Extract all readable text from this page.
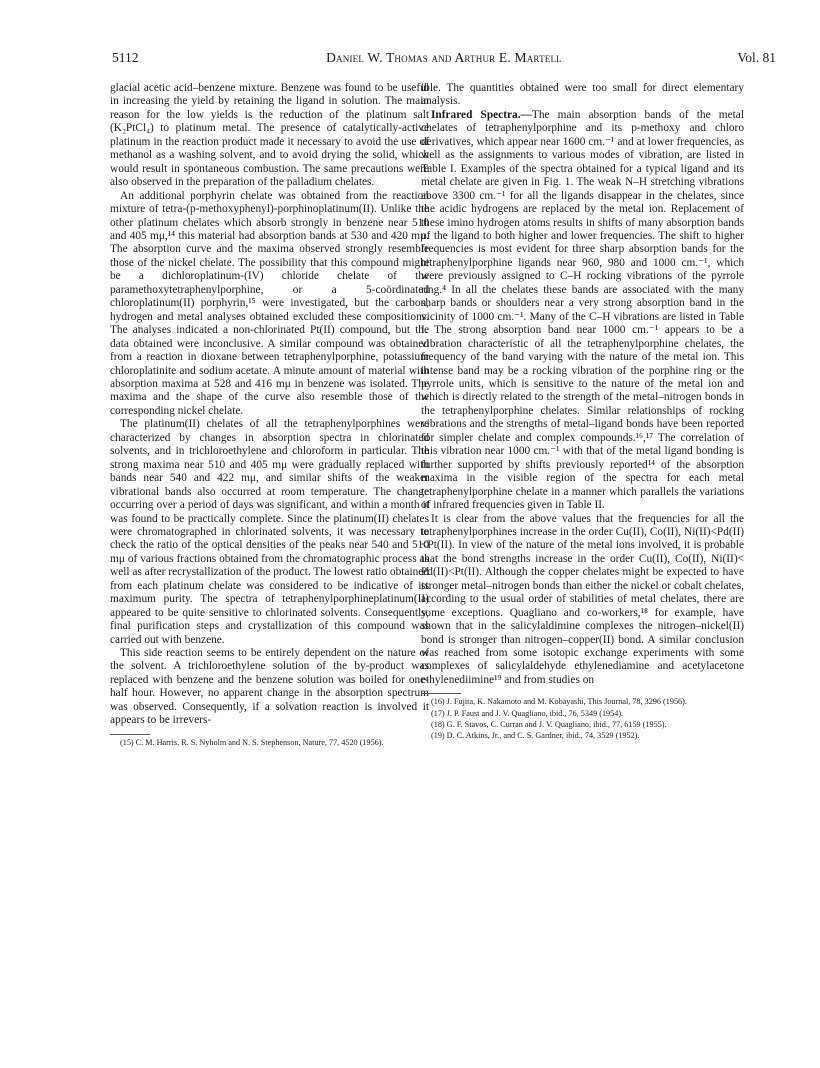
5112	Daniel W. Thomas and Arthur E. Martell	Vol. 81

glacial acetic acid–benzene mixture. Benzene was found to be useful in increasing the yield by retaining the ligand in solution. The main reason for the low yields is the reduction of the platinum salt (K₂PtCl₄) to platinum metal. The presence of catalytically-active platinum in the reaction product made it necessary to avoid the use of methanol as a washing solvent, and to avoid drying the solid, which would result in spontaneous combustion. The same precautions were also observed in the preparation of the palladium chelates.

An additional porphyrin chelate was obtained from the reaction mixture of tetra-(p-methoxyphenyl)-porphinoplatinum(II). Unlike the other platinum chelates which absorb strongly in benzene near 510 and 405 mμ,¹⁴ this material had absorption bands at 530 and 420 mμ. The absorption curve and the maxima observed strongly resemble those of the nickel chelate. The possibility that this compound might be a dichloroplatinum-(IV) chloride chelate of the paramethoxytetraphenylporphine, or a 5-coördinated chloroplatinum(II) porphyrin,¹⁵ were investigated, but the carbon, hydrogen and metal analyses obtained excluded these compositions. The analyses indicated a non-chlorinated Pt(II) compound, but the data obtained were inconclusive. A similar compound was obtained from a reaction in dioxane between tetraphenylporphine, potassium chloroplatinite and sodium acetate. A minute amount of material with absorption maxima at 528 and 416 mμ in benzene was isolated. The maxima and the shape of the curve also resemble those of the corresponding nickel chelate.

The platinum(II) chelates of all the tetraphenylporphines were characterized by changes in absorption spectra in chlorinated solvents, and in trichloroethylene and chloroform in particular. The strong maxima near 510 and 405 mμ were gradually replaced with bands near 540 and 422 mμ, and similar shifts of the weaker vibrational bands also occurred at room temperature. The change occurring over a period of days was significant, and within a month it was found to be practically complete. Since the platinum(II) chelates were chromatographed in chlorinated solvents, it was necessary to check the ratio of the optical densities of the peaks near 540 and 510 mμ of various fractions obtained from the chromatographic process as well as after recrystallization of the product. The lowest ratio obtained from each platinum chelate was considered to be indicative of its maximum purity. The spectra of tetraphenylporphineplatinum(II) appeared to be quite sensitive to chlorinated solvents. Consequently, final purification steps and crystallization of this compound was carried out with benzene.

This side reaction seems to be entirely dependent on the nature of the solvent. A trichloroethylene solution of the by-product was replaced with benzene and the benzene solution was boiled for one-half hour. However, no apparent change in the absorption spectrum was observed. Consequently, if a solvation reaction is involved it appears to be irrevers-

(15) C. M. Harris, R. S. Nyholm and N. S. Stephenson, Nature, 77, 4520 (1956).

ible. The quantities obtained were too small for direct elementary analysis.

Infrared Spectra.—The main absorption bands of the metal chelates of tetraphenylporphine and its p-methoxy and chloro derivatives, which appear near 1600 cm.⁻¹ and at lower frequencies, as well as the assignments to various modes of vibration, are listed in Table I. Examples of the spectra obtained for a typical ligand and its metal chelate are given in Fig. 1. The weak N–H stretching vibrations above 3300 cm.⁻¹ for all the ligands disappear in the chelates, since the acidic hydrogens are replaced by the metal ion. Replacement of these imino hydrogen atoms results in shifts of many absorption bands of the ligand to both higher and lower frequencies. The shift to higher frequencies is most evident for three sharp absorption bands for the tetraphenylporphine ligands near 960, 980 and 1000 cm.⁻¹, which were previously assigned to C–H rocking vibrations of the pyrrole ring.⁴ In all the chelates these bands are associated with the many sharp bands or shoulders near a very strong absorption band in the vicinity of 1000 cm.⁻¹. Many of the C–H vibrations are listed in Table I. The strong absorption band near 1000 cm.⁻¹ appears to be a vibration characteristic of all the tetraphenylporphine chelates, the frequency of the band varying with the nature of the metal ion. This intense band may be a rocking vibration of the porphine ring or the pyrrole units, which is sensitive to the nature of the metal ion and which is directly related to the strength of the metal–nitrogen bonds in the tetraphenylporphine chelates. Similar relationships of rocking vibrations and the strengths of metal–ligand bonds have been reported for simpler chelate and complex compounds.¹⁶,¹⁷ The correlation of this vibration near 1000 cm.⁻¹ with that of the metal ligand bonding is further supported by shifts previously reported¹⁴ of the absorption maxima in the visible region of the spectra for each metal tetraphenylporphine chelate in a manner which parallels the variations of infrared frequencies given in Table II.

It is clear from the above values that the frequencies for all the tetraphenylporphines increase in the order Cu(II), Co(II), Ni(II)<Pd(II)<Pt(II). In view of the nature of the metal ions involved, it is probable that the bond strengths increase in the order Cu(II), Co(II), Ni(II)< Pd(II)<Pt(II). Although the copper chelates might be expected to have stronger metal–nitrogen bonds than either the nickel or cobalt chelates, according to the usual order of stabilities of metal chelates, there are some exceptions. Quagliano and co-workers,¹⁸ for example, have shown that in the salicylaldimine complexes the nitrogen–nickel(II) bond is stronger than nitrogen–copper(II) bond. A similar conclusion was reached from some isotopic exchange experiments with some complexes of salicylaldehyde ethylenediamine and acetylacetone ethylenediimine¹⁹ and from studies on

(16) J. Fujita, K. Nakamoto and M. Kobayashi, This Journal, 78, 3296 (1956).

(17) J. P. Faust and J. V. Quagliano, ibid., 76, 5349 (1954).

(18) G. F. Stavos, C. Curran and J. V. Quagliano, ibid., 77, 6159 (1955).

(19) D. C. Atkins, Jr., and C. S. Gardner, ibid., 74, 3529 (1952).
